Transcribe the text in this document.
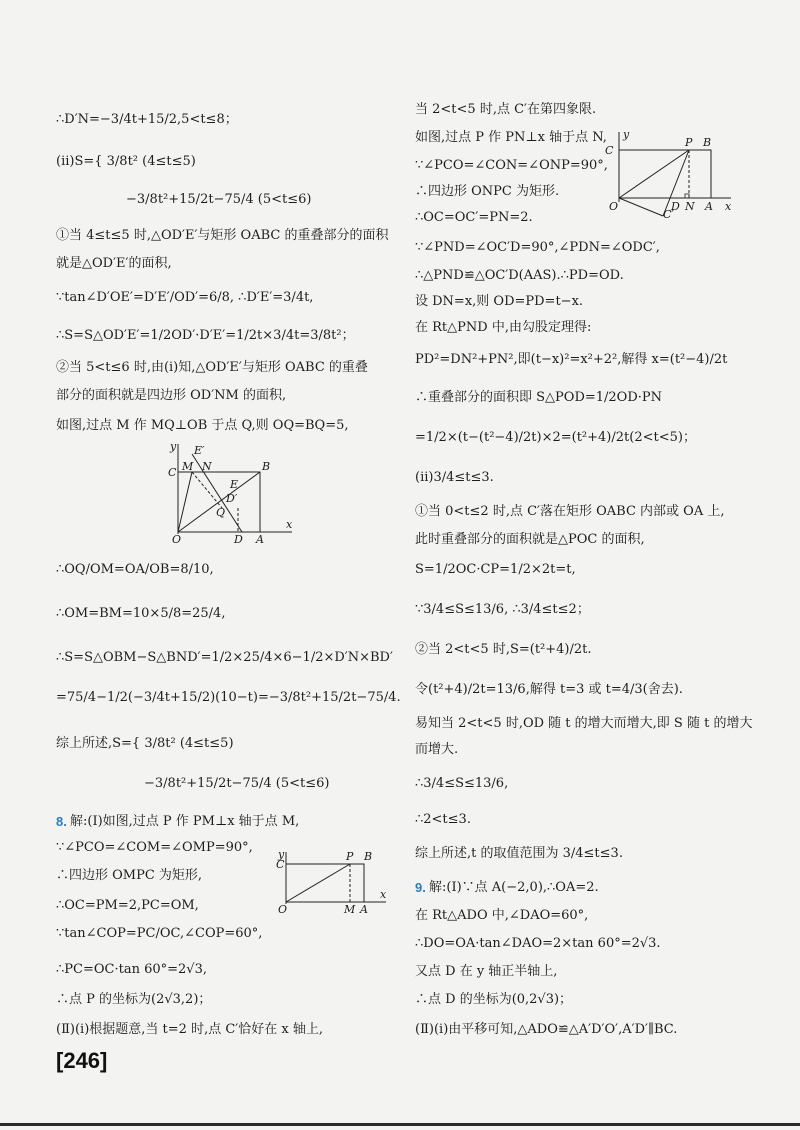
∴D′N=−3/4t+15/2,5<t≤8；
(ⅱ)S={ 3/8t² (4≤t≤5)
−3/8t²+15/2t−75/4 (5<t≤6)
①当 4≤t≤5 时,△OD′E′与矩形 OABC 的重叠部分的面积
就是△OD′E′的面积,
∵tan∠D′OE′=D′E′/OD′=6/8, ∴D′E′=3/4t,
∴S=S△OD′E′=1/2OD′·D′E′=1/2t×3/4t=3/8t²；
②当 5<t≤6 时,由(ⅰ)知,△OD′E′与矩形 OABC 的重叠
部分的面积就是四边形 OD′NM 的面积,
如图,过点 M 作 MQ⊥OB 于点 Q,则 OQ=BQ=5,
y E′
M N
C	B
E
Q
D′
O	D A
x
∴OQ/OM=OA/OB=8/10,
∴OM=BM=10×5/8=25/4,
∴S=S△OBM−S△BND′=1/2×25/4×6−1/2×D′N×BD′
=75/4−1/2(−3/4t+15/2)(10−t)=−3/8t²+15/2t−75/4.
综上所述,S={ 3/8t² (4≤t≤5)
−3/8t²+15/2t−75/4 (5<t≤6)
8. 解:(Ⅰ)如图,过点 P 作 PM⊥x 轴于点 M,
∵∠PCO=∠COM=∠OMP=90°,
∴四边形 OMPC 为矩形,
∴OC=PM=2,PC=OM,
y
C
P B
O	M A
x
∵tan∠COP=PC/OC,∠COP=60°,
∴PC=OC·tan 60°=2√3,
∴点 P 的坐标为(2√3,2)；
(Ⅱ)(ⅰ)根据题意,当 t=2 时,点 C′恰好在 x 轴上,
当 2<t<5 时,点 C′在第四象限.
如图,过点 P 作 PN⊥x 轴于点 N,
∵∠PCO=∠CON=∠ONP=90°,
∴四边形 ONPC 为矩形.
∴OC=OC′=PN=2.
y
C
P B
O	D N A x
C′
∵∠PND=∠OC′D=90°,∠PDN=∠ODC′,
∴△PND≌△OC′D(AAS).∴PD=OD.
设 DN=x,则 OD=PD=t−x.
在 Rt△PND 中,由勾股定理得:
PD²=DN²+PN²,即(t−x)²=x²+2²,解得 x=(t²−4)/2t
∴重叠部分的面积即 S△POD=1/2OD·PN
=1/2×(t−(t²−4)/2t)×2=(t²+4)/2t(2<t<5)；
(ⅱ)3/4≤t≤3.
①当 0<t≤2 时,点 C′落在矩形 OABC 内部或 OA 上,
此时重叠部分的面积就是△POC 的面积,
S=1/2OC·CP=1/2×2t=t,
∵3/4≤S≤13/6, ∴3/4≤t≤2；
②当 2<t<5 时,S=(t²+4)/2t.
令(t²+4)/2t=13/6,解得 t=3 或 t=4/3(舍去).
易知当 2<t<5 时,OD 随 t 的增大而增大,即 S 随 t 的增大
而增大.
∴3/4≤S≤13/6,
∴2<t≤3.
综上所述,t 的取值范围为 3/4≤t≤3.
9. 解:(Ⅰ)∵点 A(−2,0),∴OA=2.
在 Rt△ADO 中,∠DAO=60°,
∴DO=OA·tan∠DAO=2×tan 60°=2√3.
又点 D 在 y 轴正半轴上,
∴点 D 的坐标为(0,2√3)；
(Ⅱ)(ⅰ)由平移可知,△ADO≌△A′D′O′,A′D′∥BC.
[246]
